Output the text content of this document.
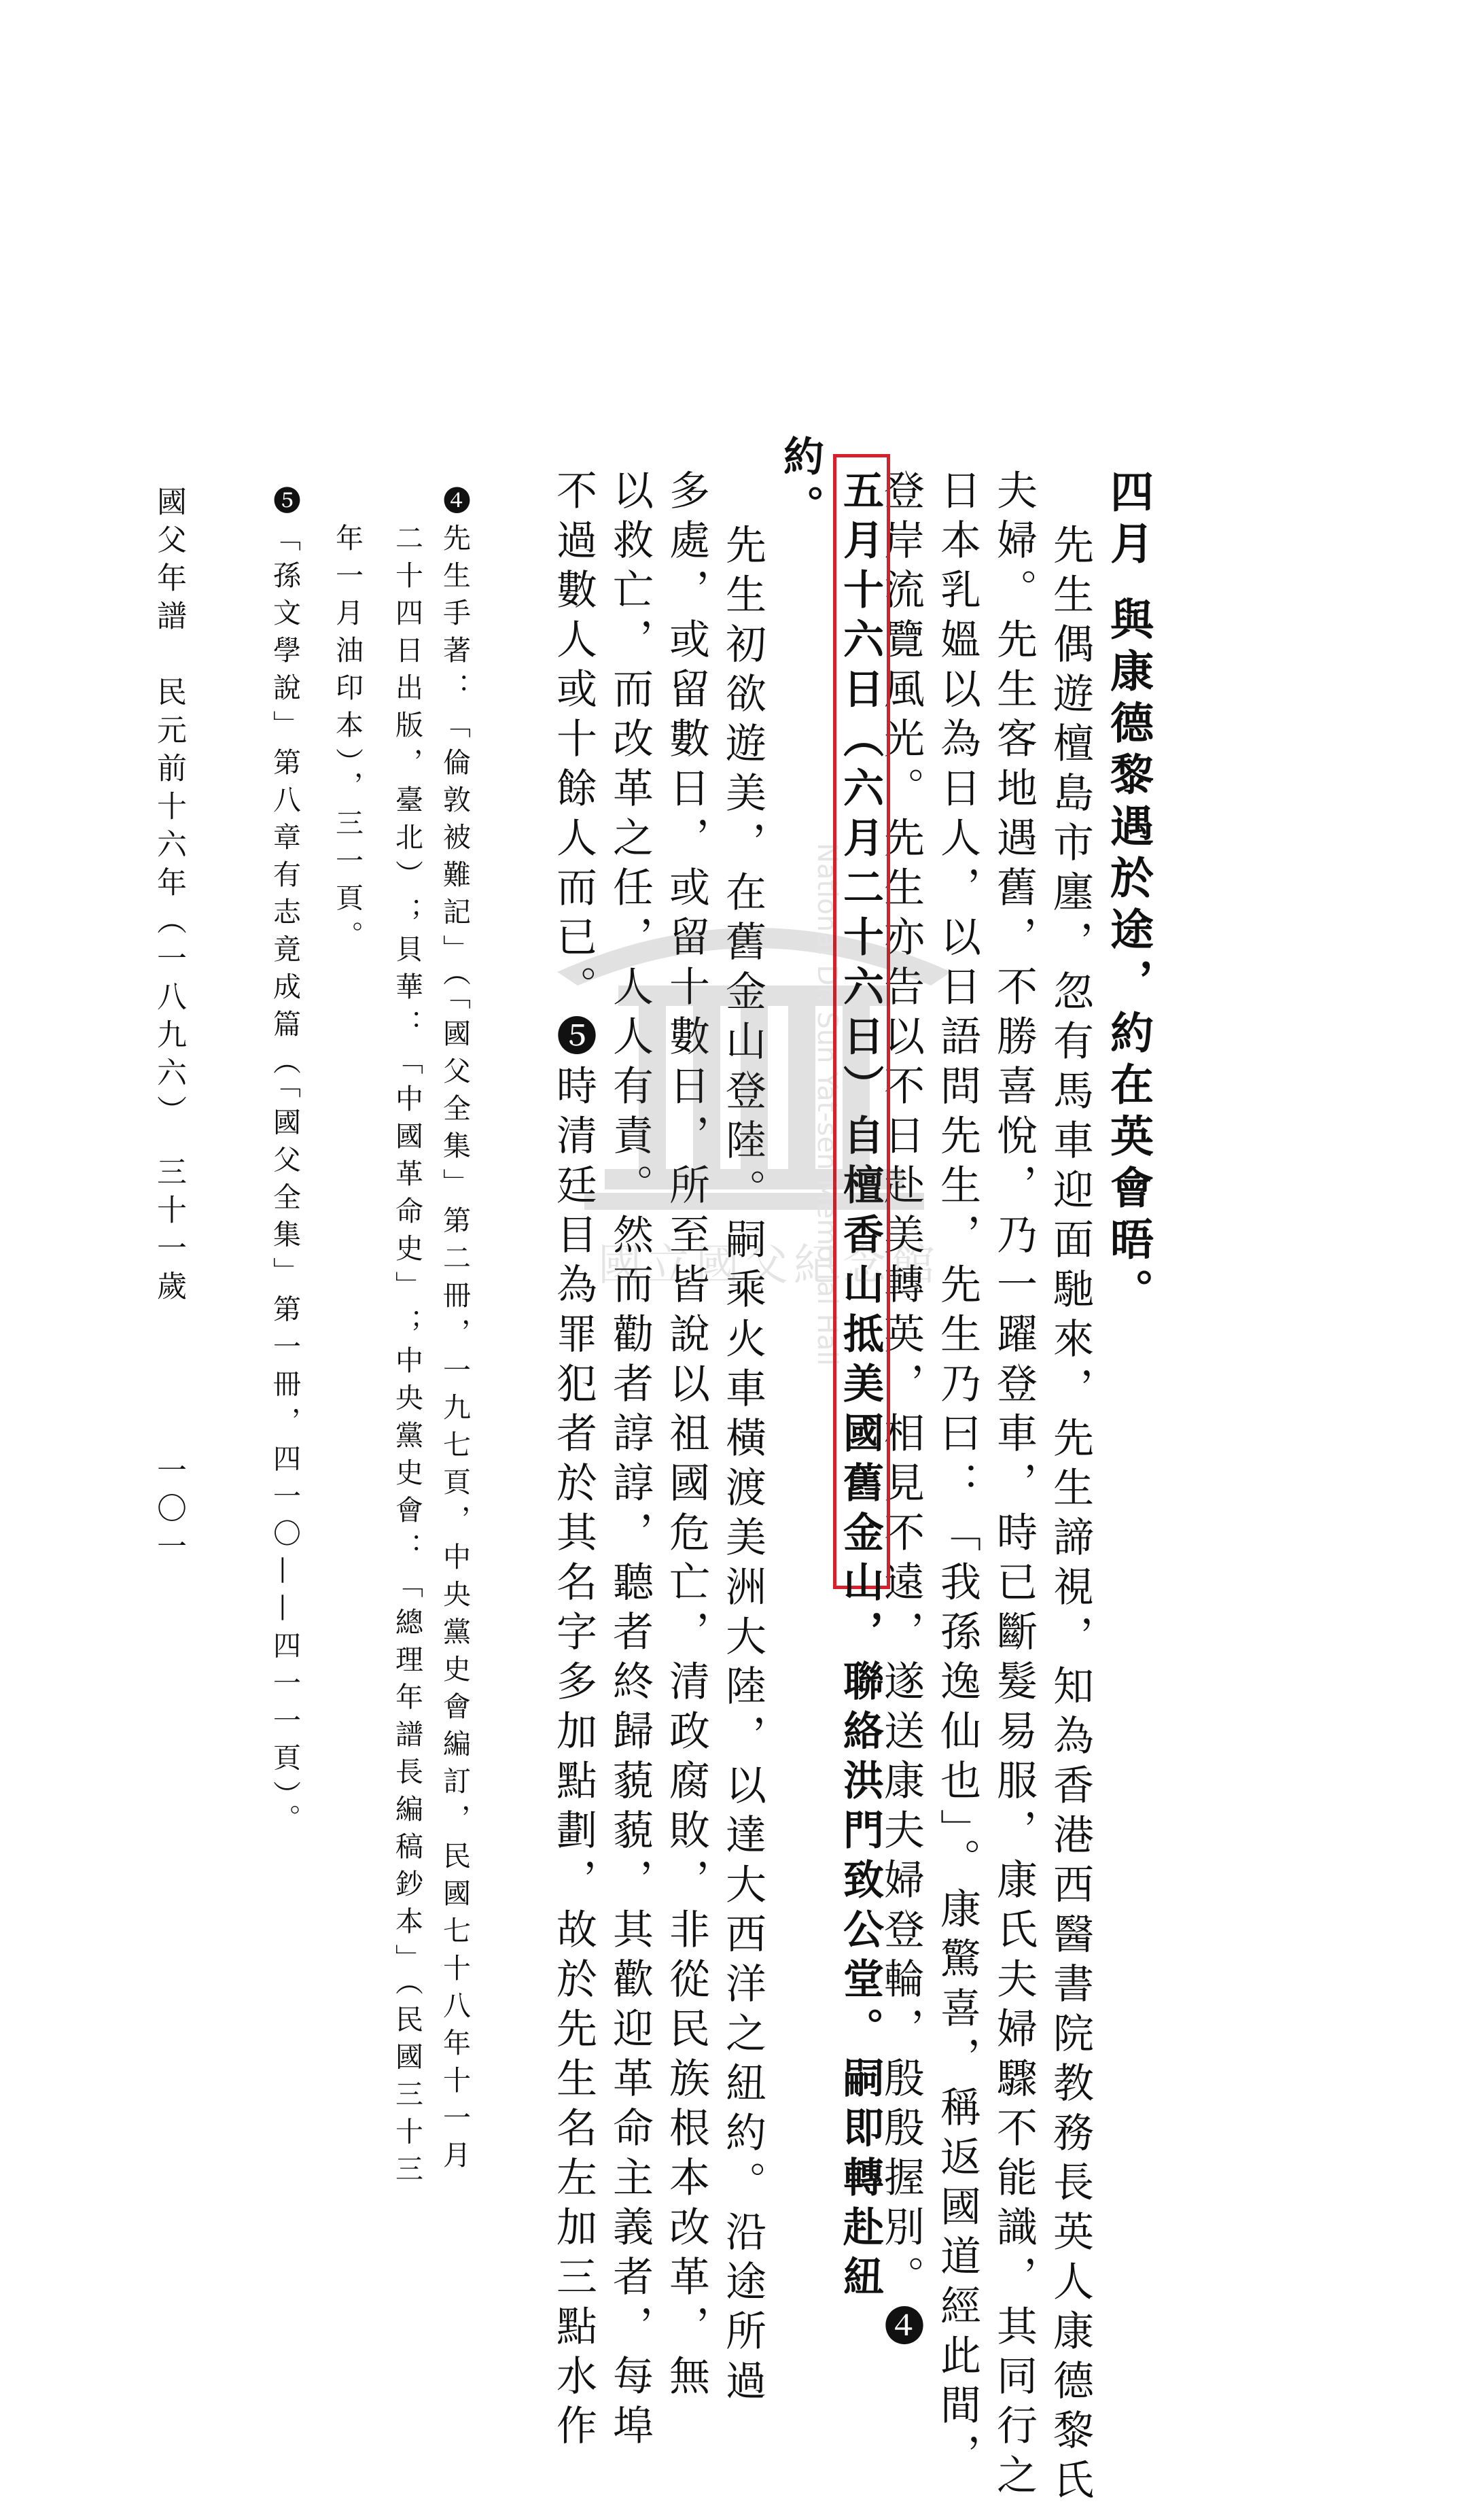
四月與康德黎遇於途，約在英會晤。
先生偶遊檀島市廛，忽有馬車迎面馳來，先生諦視，知為香港西醫書院教務長英人康德黎氏
夫婦。先生客地遇舊，不勝喜悅，乃一躍登車，時已斷髮易服，康氏夫婦驟不能識，其同行之
日本乳媼以為日人，以日語問先生，先生乃曰：「我孫逸仙也」。康驚喜，稱返國道經此間，
登岸流覽風光。先生亦告以不日赴美轉英，相見不遠，遂送康夫婦登輪，殷殷握別。❹
五月十六日（六月二十六日）自檀香山抵美國舊金山，聯絡洪門致公堂。嗣即轉赴紐
約。
先生初欲遊美，在舊金山登陸。嗣乘火車橫渡美洲大陸，以達大西洋之紐約。沿途所過
多處，或留數日，或留十數日，所至皆說以祖國危亡，清政腐敗，非從民族根本改革，無
以救亡，而改革之任，人人有責。然而勸者諄諄，聽者終歸藐藐，其歡迎革命主義者，每埠
不過數人或十餘人而已。❺時清廷目為罪犯者於其名字多加點劃，故於先生名左加三點水作
❹先生手著：「倫敦被難記」（「國父全集」第二冊，一九七頁，中央黨史會編訂，民國七十八年十一月
二十四日出版，臺北）；貝華：「中國革命史」；中央黨史會：「總理年譜長編稿鈔本」（民國三十三
年一月油印本），三一頁。
❺「孫文學說」第八章有志竟成篇（「國父全集」第一冊，四一〇——四一一頁）。
國父年譜　民元前十六年（一八九六）　三十一歲
一〇一
National Dr. Sun Yat-sen Memorial Hall
國立國父紀念館
